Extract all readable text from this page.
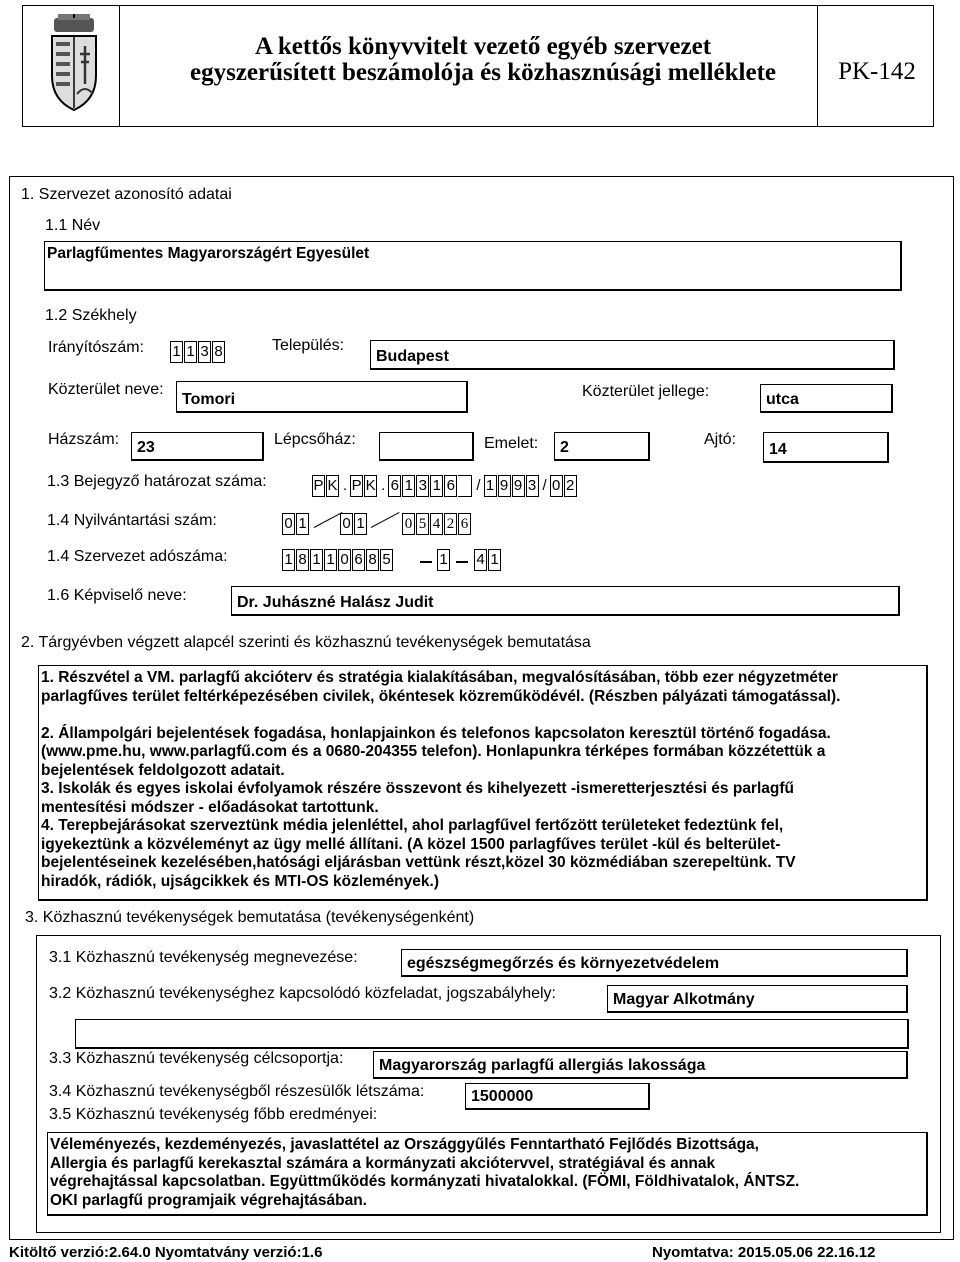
A kettős könyvvitelt vezető egyéb szervezet
egyszerűsített beszámolója és közhasznúsági melléklete	PK-142
1. Szervezet azonosító adatai
1.1 Név
Parlagfűmentes Magyarországért Egyesület
1.2 Székhely
Irányítószám: 1 1 3 8	Település:
Budapest
Közterület neve:
Tomori	Közterület jellege:	utca
Házszám: 23	Lépcsőház:	Emelet: 2	Ajtó:
14
1.3 Bejegyző határozat száma:	P K . P K . 6 1 3 1 6 / 1 9 9 3 / 0 2
1.4 Nyilvántartási szám:	0 1 0 1	0 5 4 2 6
1.4 Szervezet adószáma:	1 8 1 1 0 6 8 5	1 4 1
1.6 Képviselő neve:	Dr. Juhászné Halász Judit
2. Tárgyévben végzett alapcél szerinti és közhasznú tevékenységek bemutatása
1. Részvétel a VM. parlagfű akcióterv és stratégia kialakításában, megvalósításában, több ezer négyzetméter
parlagfűves terület feltérképezésében civilek, ökéntesek közreműködévél. (Részben pályázati támogatással).
2. Állampolgári bejelentések fogadása, honlapjainkon és telefonos kapcsolaton keresztül történő fogadása.
(www.pme.hu, www.parlagfű.com és a 0680-204355 telefon). Honlapunkra térképes formában közzétettük a
bejelentések feldolgozott adatait.
3. Iskolák és egyes iskolai évfolyamok részére összevont és kihelyezett -ismeretterjesztési és parlagfű
mentesítési módszer - előadásokat tartottunk.
4. Terepbejárásokat szerveztünk média jelenléttel, ahol parlagfűvel fertőzött területeket fedeztünk fel,
igyekeztünk a közvéleményt az ügy mellé állítani. (A közel 1500 parlagfűves terület -kül és belterület-
bejelentéseinek kezelésében,hatósági eljárásban vettünk részt,közel 30 közmédiában szerepeltünk. TV
hiradók, rádiók, ujságcikkek és MTI-OS közlemények.)
3. Közhasznú tevékenységek bemutatása (tevékenységenként)
3.1 Közhasznú tevékenység megnevezése:	egészségmegőrzés és környezetvédelem
3.2 Közhasznú tevékenységhez kapcsolódó közfeladat, jogszabályhely:	Magyar Alkotmány
3.3 Közhasznú tevékenység célcsoportja: Magyarország parlagfű allergiás lakossága
3.4 Közhasznú tevékenységből részesülők létszáma:	1500000
3.5 Közhasznú tevékenység főbb eredményei:
Véleményezés, kezdeményezés, javaslattétel az Országgyűlés Fenntartható Fejlődés Bizottsága,
Allergia és parlagfű kerekasztal számára a kormányzati akciótervvel, stratégiával és annak
végrehajtással kapcsolatban. Együttműködés kormányzati hivatalokkal. (FÖMI, Földhivatalok, ÁNTSZ.
OKI parlagfű programjaik végrehajtásában.
Kitöltő verzió:2.64.0 Nyomtatvány verzió:1.6	Nyomtatva: 2015.05.06 22.16.12
